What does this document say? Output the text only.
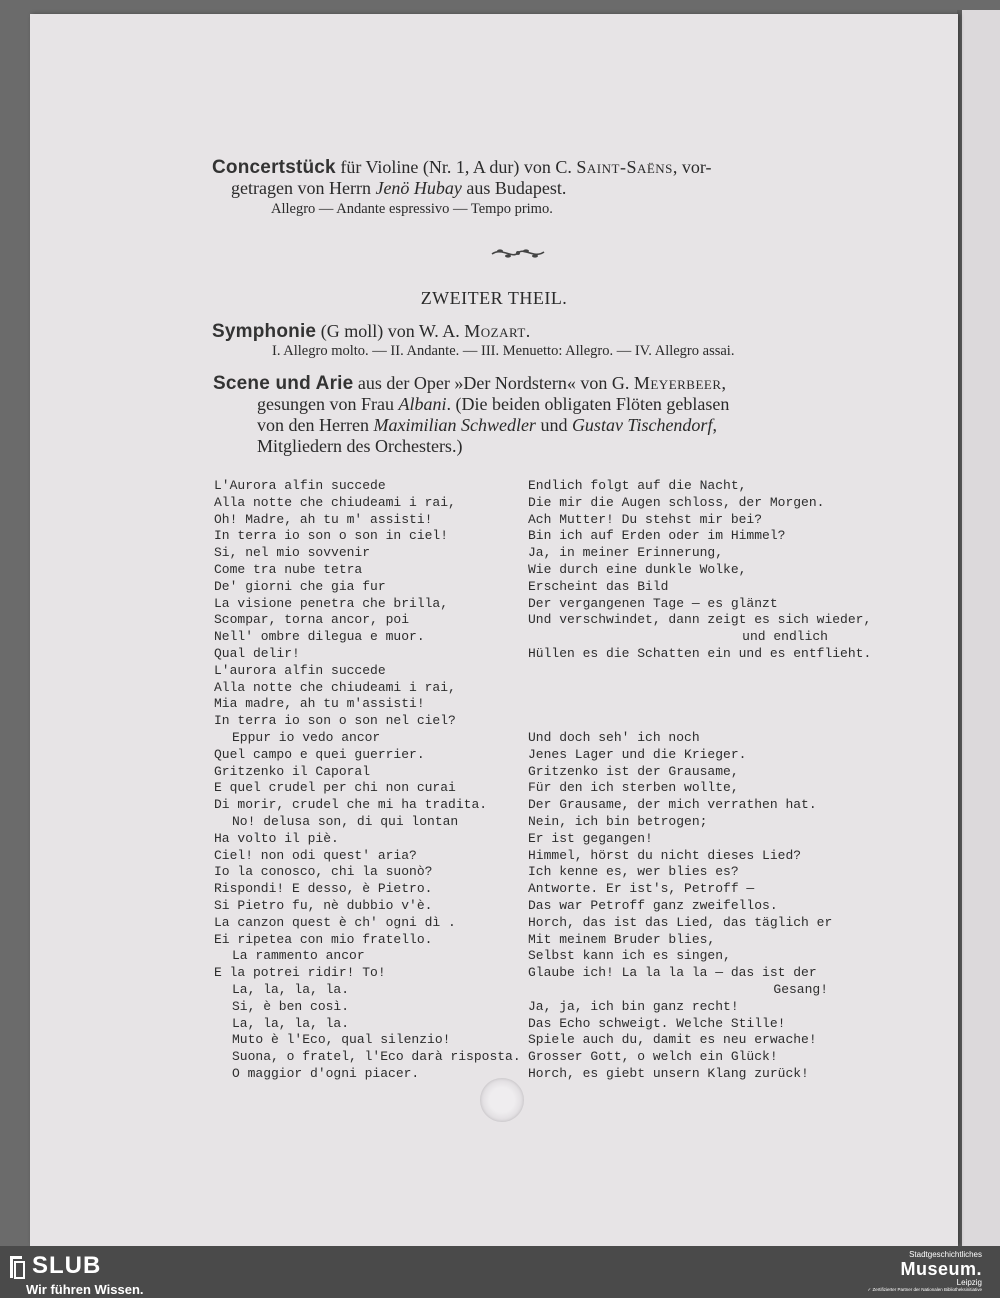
Concertstück für Violine (Nr. 1, A dur) von C. Saint-Saëns, vor-
getragen von Herrn Jenö Hubay aus Budapest.
Allegro — Andante espressivo — Tempo primo.
ZWEITER THEIL.
Symphonie (G moll) von W. A. Mozart.
I. Allegro molto. — II. Andante. — III. Menuetto: Allegro. — IV. Allegro assai.
Scene und Arie aus der Oper »Der Nordstern« von G. Meyerbeer,
gesungen von Frau Albani. (Die beiden obligaten Flöten geblasen
von den Herren Maximilian Schwedler und Gustav Tischendorf,
Mitgliedern des Orchesters.)
L'Aurora alfin succede
Alla notte che chiudeami i rai,
Oh! Madre, ah tu m' assisti!
In terra io son o son in ciel!
Si, nel mio sovvenir
Come tra nube tetra
De' giorni che gia fur
La visione penetra che brilla,
Scompar, torna ancor, poi
Nell' ombre dilegua e muor.
Qual delir!
L'aurora alfin succede
Alla notte che chiudeami i rai,
Mia madre, ah tu m'assisti!
In terra io son o son nel ciel?
Eppur io vedo ancor
Quel campo e quei guerrier.
Gritzenko il Caporal
E quel crudel per chi non curai
Di morir, crudel che mi ha tradita.
No! delusa son, di qui lontan
Ha volto il piè.
Ciel! non odi quest' aria?
Io la conosco, chi la suonò?
Rispondi! E desso, è Pietro.
Si Pietro fu, nè dubbio v'è.
La canzon quest è ch' ogni dì .
Ei ripetea con mio fratello.
La rammento ancor
E la potrei ridir! To!
La, la, la, la.
Si, è ben così.
La, la, la, la.
Muto è l'Eco, qual silenzio!
Suona, o fratel, l'Eco darà risposta.
O maggior d'ogni piacer.
Endlich folgt auf die Nacht,
Die mir die Augen schloss, der Morgen.
Ach Mutter! Du stehst mir bei?
Bin ich auf Erden oder im Himmel?
Ja, in meiner Erinnerung,
Wie durch eine dunkle Wolke,
Erscheint das Bild
Der vergangenen Tage — es glänzt
Und verschwindet, dann zeigt es sich wieder,
und endlich
Hüllen es die Schatten ein und es entflieht.
Und doch seh' ich noch
Jenes Lager und die Krieger.
Gritzenko ist der Grausame,
Für den ich sterben wollte,
Der Grausame, der mich verrathen hat.
Nein, ich bin betrogen;
Er ist gegangen!
Himmel, hörst du nicht dieses Lied?
Ich kenne es, wer blies es?
Antworte. Er ist's, Petroff —
Das war Petroff ganz zweifellos.
Horch, das ist das Lied, das täglich er
Mit meinem Bruder blies,
Selbst kann ich es singen,
Glaube ich! La la la la — das ist der
Gesang!
Ja, ja, ich bin ganz recht!
Das Echo schweigt. Welche Stille!
Spiele auch du, damit es neu erwache!
Grosser Gott, o welch ein Glück!
Horch, es giebt unsern Klang zurück!
SLUB
Wir führen Wissen.
Stadtgeschichtliches
Museum.
Leipzig
✓ Zertifizierter Partner der Nationalen Bibliotheksinitiative
